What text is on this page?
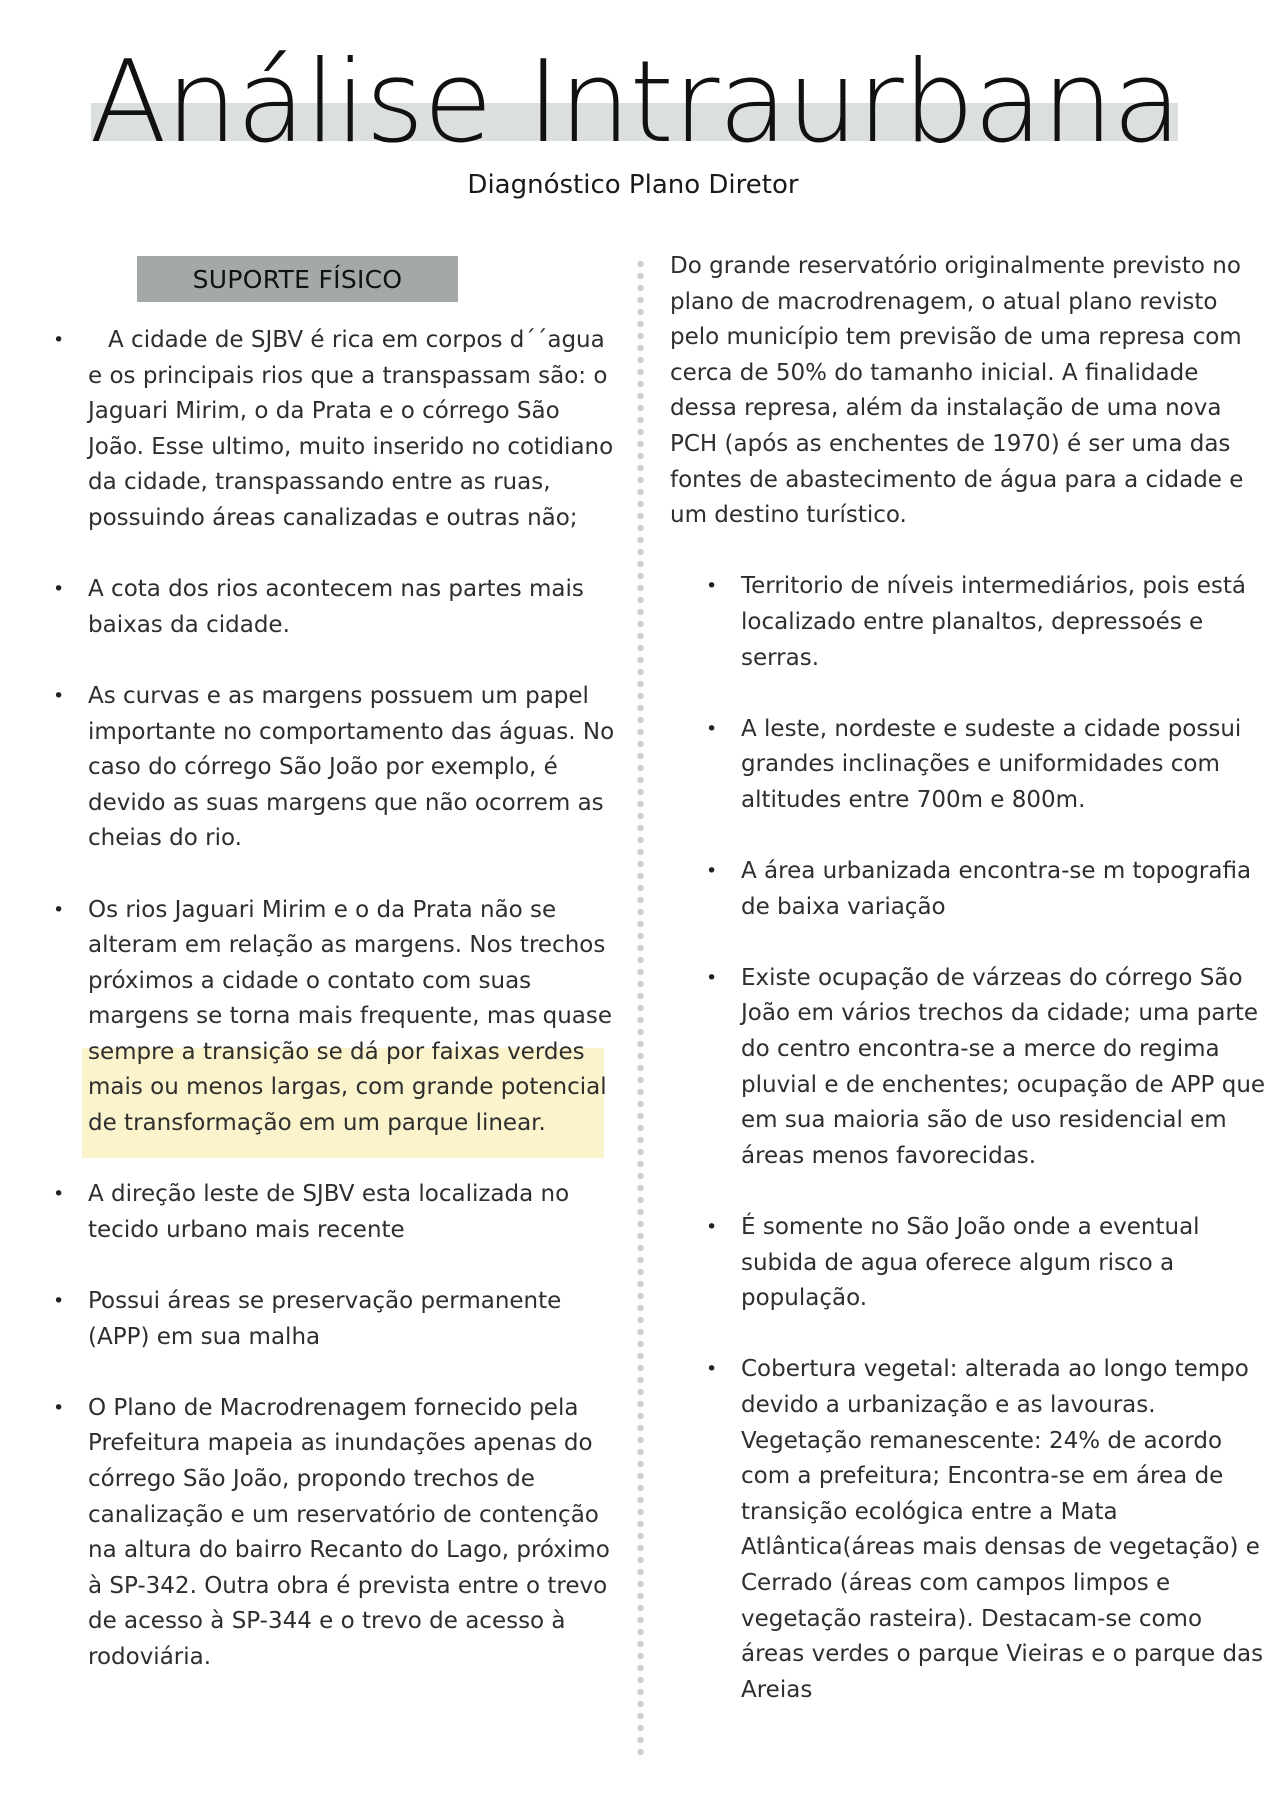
Análise Intraurbana
Diagnóstico Plano Diretor
SUPORTE FÍSICO
• A cidade de SJBV é rica em corpos d´´agua e os principais rios que a transpassam são: o Jaguari Mirim, o da Prata e o córrego São João. Esse ultimo, muito inserido no cotidiano da cidade, transpassando entre as ruas, possuindo áreas canalizadas e outras não;
• A cota dos rios acontecem nas partes mais baixas da cidade.
• As curvas e as margens possuem um papel importante no comportamento das águas. No caso do córrego São João por exemplo, é devido as suas margens que não ocorrem as cheias do rio.
• Os rios Jaguari Mirim e o da Prata não se alteram em relação as margens. Nos trechos próximos a cidade o contato com suas margens se torna mais frequente, mas quase sempre a transição se dá por faixas verdes mais ou menos largas, com grande potencial de transformação em um parque linear.
• A direção leste de SJBV esta localizada no tecido urbano mais recente
• Possui áreas se preservação permanente (APP) em sua malha
• O Plano de Macrodrenagem fornecido pela Prefeitura mapeia as inundações apenas do córrego São João, propondo trechos de canalização e um reservatório de contenção na altura do bairro Recanto do Lago, próximo à SP-342. Outra obra é prevista entre o trevo de acesso à SP-344 e o trevo de acesso à rodoviária.

Do grande reservatório originalmente previsto no plano de macrodrenagem, o atual plano revisto pelo município tem previsão de uma represa com cerca de 50% do tamanho inicial. A finalidade dessa represa, além da instalação de uma nova PCH (após as enchentes de 1970) é ser uma das fontes de abastecimento de água para a cidade e um destino turístico.

• Territorio de níveis intermediários, pois está localizado entre planaltos, depressoés e serras.
• A leste, nordeste e sudeste a cidade possui grandes inclinações e uniformidades com altitudes entre 700m e 800m.
• A área urbanizada encontra-se m topografia de baixa variação
• Existe ocupação de várzeas do córrego São João em vários trechos da cidade; uma parte do centro encontra-se a merce do regima pluvial e de enchentes; ocupação de APP que em sua maioria são de uso residencial em áreas menos favorecidas.
• É somente no São João onde a eventual subida de agua oferece algum risco a população.
• Cobertura vegetal: alterada ao longo tempo devido a urbanização e as lavouras. Vegetação remanescente: 24% de acordo com a prefeitura; Encontra-se em área de transição ecológica entre a Mata Atlântica(áreas mais densas de vegetação) e Cerrado (áreas com campos limpos e vegetação rasteira). Destacam-se como áreas verdes o parque Vieiras e o parque das Areias
